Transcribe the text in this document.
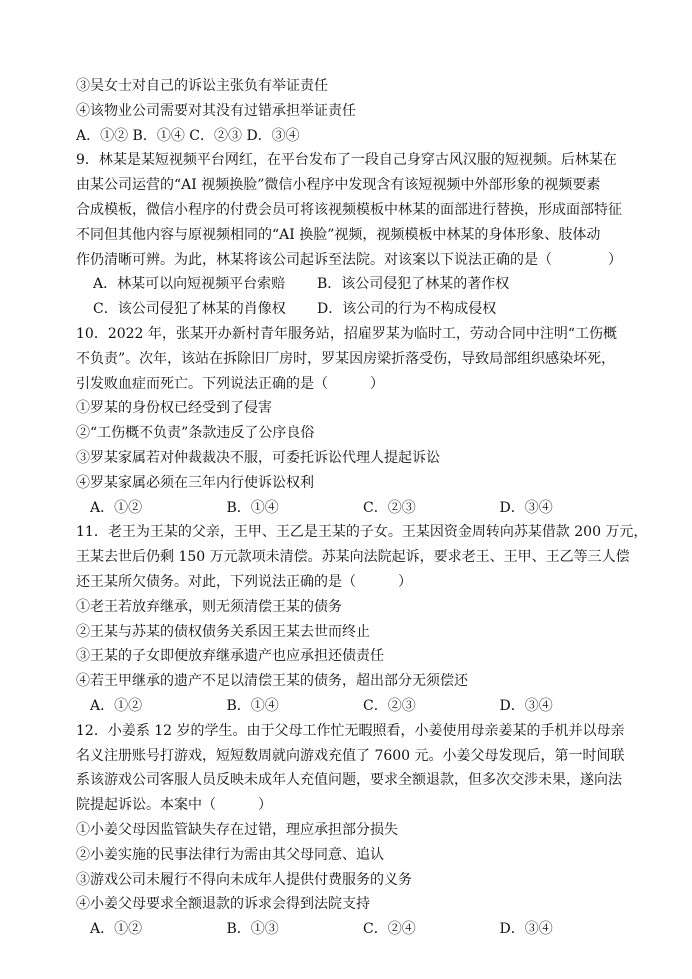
③吴女士对自己的诉讼主张负有举证责任
④该物业公司需要对其没有过错承担举证责任
A．①② B．①④ C．②③ D．③④
9．林某是某短视频平台网红，在平台发布了一段自己身穿古风汉服的短视频。后林某在
由某公司运营的“AI 视频换脸”微信小程序中发现含有该短视频中外部形象的视频要素
合成模板，微信小程序的付费会员可将该视频模板中林某的面部进行替换，形成面部特征
不同但其他内容与原视频相同的“AI 换脸”视频，视频模板中林某的身体形象、肢体动
作仍清晰可辨。为此，林某将该公司起诉至法院。对该案以下说法正确的是（　　　　）
A．林某可以向短视频平台索赔	B．该公司侵犯了林某的著作权
C．该公司侵犯了林某的肖像权	D．该公司的行为不构成侵权
10．2022 年，张某开办新村青年服务站，招雇罗某为临时工，劳动合同中注明“工伤概
不负责”。次年，该站在拆除旧厂房时，罗某因房梁折落受伤，导致局部组织感染坏死，
引发败血症而死亡。下列说法正确的是（　　　）
①罗某的身份权已经受到了侵害
②“工伤概不负责”条款违反了公序良俗
③罗某家属若对仲裁裁决不服，可委托诉讼代理人提起诉讼
④罗某家属必须在三年内行使诉讼权利
A．①②	B．①④	C．②③	D．③④
11．老王为王某的父亲，王甲、王乙是王某的子女。王某因资金周转向苏某借款 200 万元，
王某去世后仍剩 150 万元款项未清偿。苏某向法院起诉，要求老王、王甲、王乙等三人偿
还王某所欠债务。对此，下列说法正确的是（　　　）
①老王若放弃继承，则无须清偿王某的债务
②王某与苏某的债权债务关系因王某去世而终止
③王某的子女即便放弃继承遗产也应承担还债责任
④若王甲继承的遗产不足以清偿王某的债务，超出部分无须偿还
A．①②	B．①④	C．②③	D．③④
12．小姜系 12 岁的学生。由于父母工作忙无暇照看，小姜使用母亲姜某的手机并以母亲
名义注册账号打游戏，短短数周就向游戏充值了 7600 元。小姜父母发现后，第一时间联
系该游戏公司客服人员反映未成年人充值问题，要求全额退款，但多次交涉未果，遂向法
院提起诉讼。本案中（　　　）
①小姜父母因监管缺失存在过错，理应承担部分损失
②小姜实施的民事法律行为需由其父母同意、追认
③游戏公司未履行不得向未成年人提供付费服务的义务
④小姜父母要求全额退款的诉求会得到法院支持
A．①②	B．①③	C．②④	D．③④
